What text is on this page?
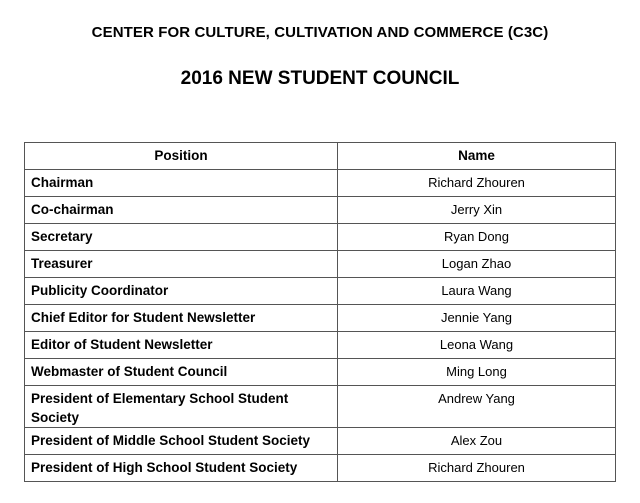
CENTER FOR CULTURE, CULTIVATION AND COMMERCE (C3C)
2016 NEW STUDENT COUNCIL
Position	Name
Chairman	Richard Zhouren
Co-chairman	Jerry Xin
Secretary	Ryan Dong
Treasurer	Logan Zhao
Publicity Coordinator	Laura Wang
Chief Editor for Student Newsletter	Jennie Yang
Editor of Student Newsletter	Leona Wang
Webmaster of Student Council	Ming Long
President of Elementary School Student Society	Andrew Yang
President of Middle School Student Society	Alex Zou
President of High School Student Society	Richard Zhouren
